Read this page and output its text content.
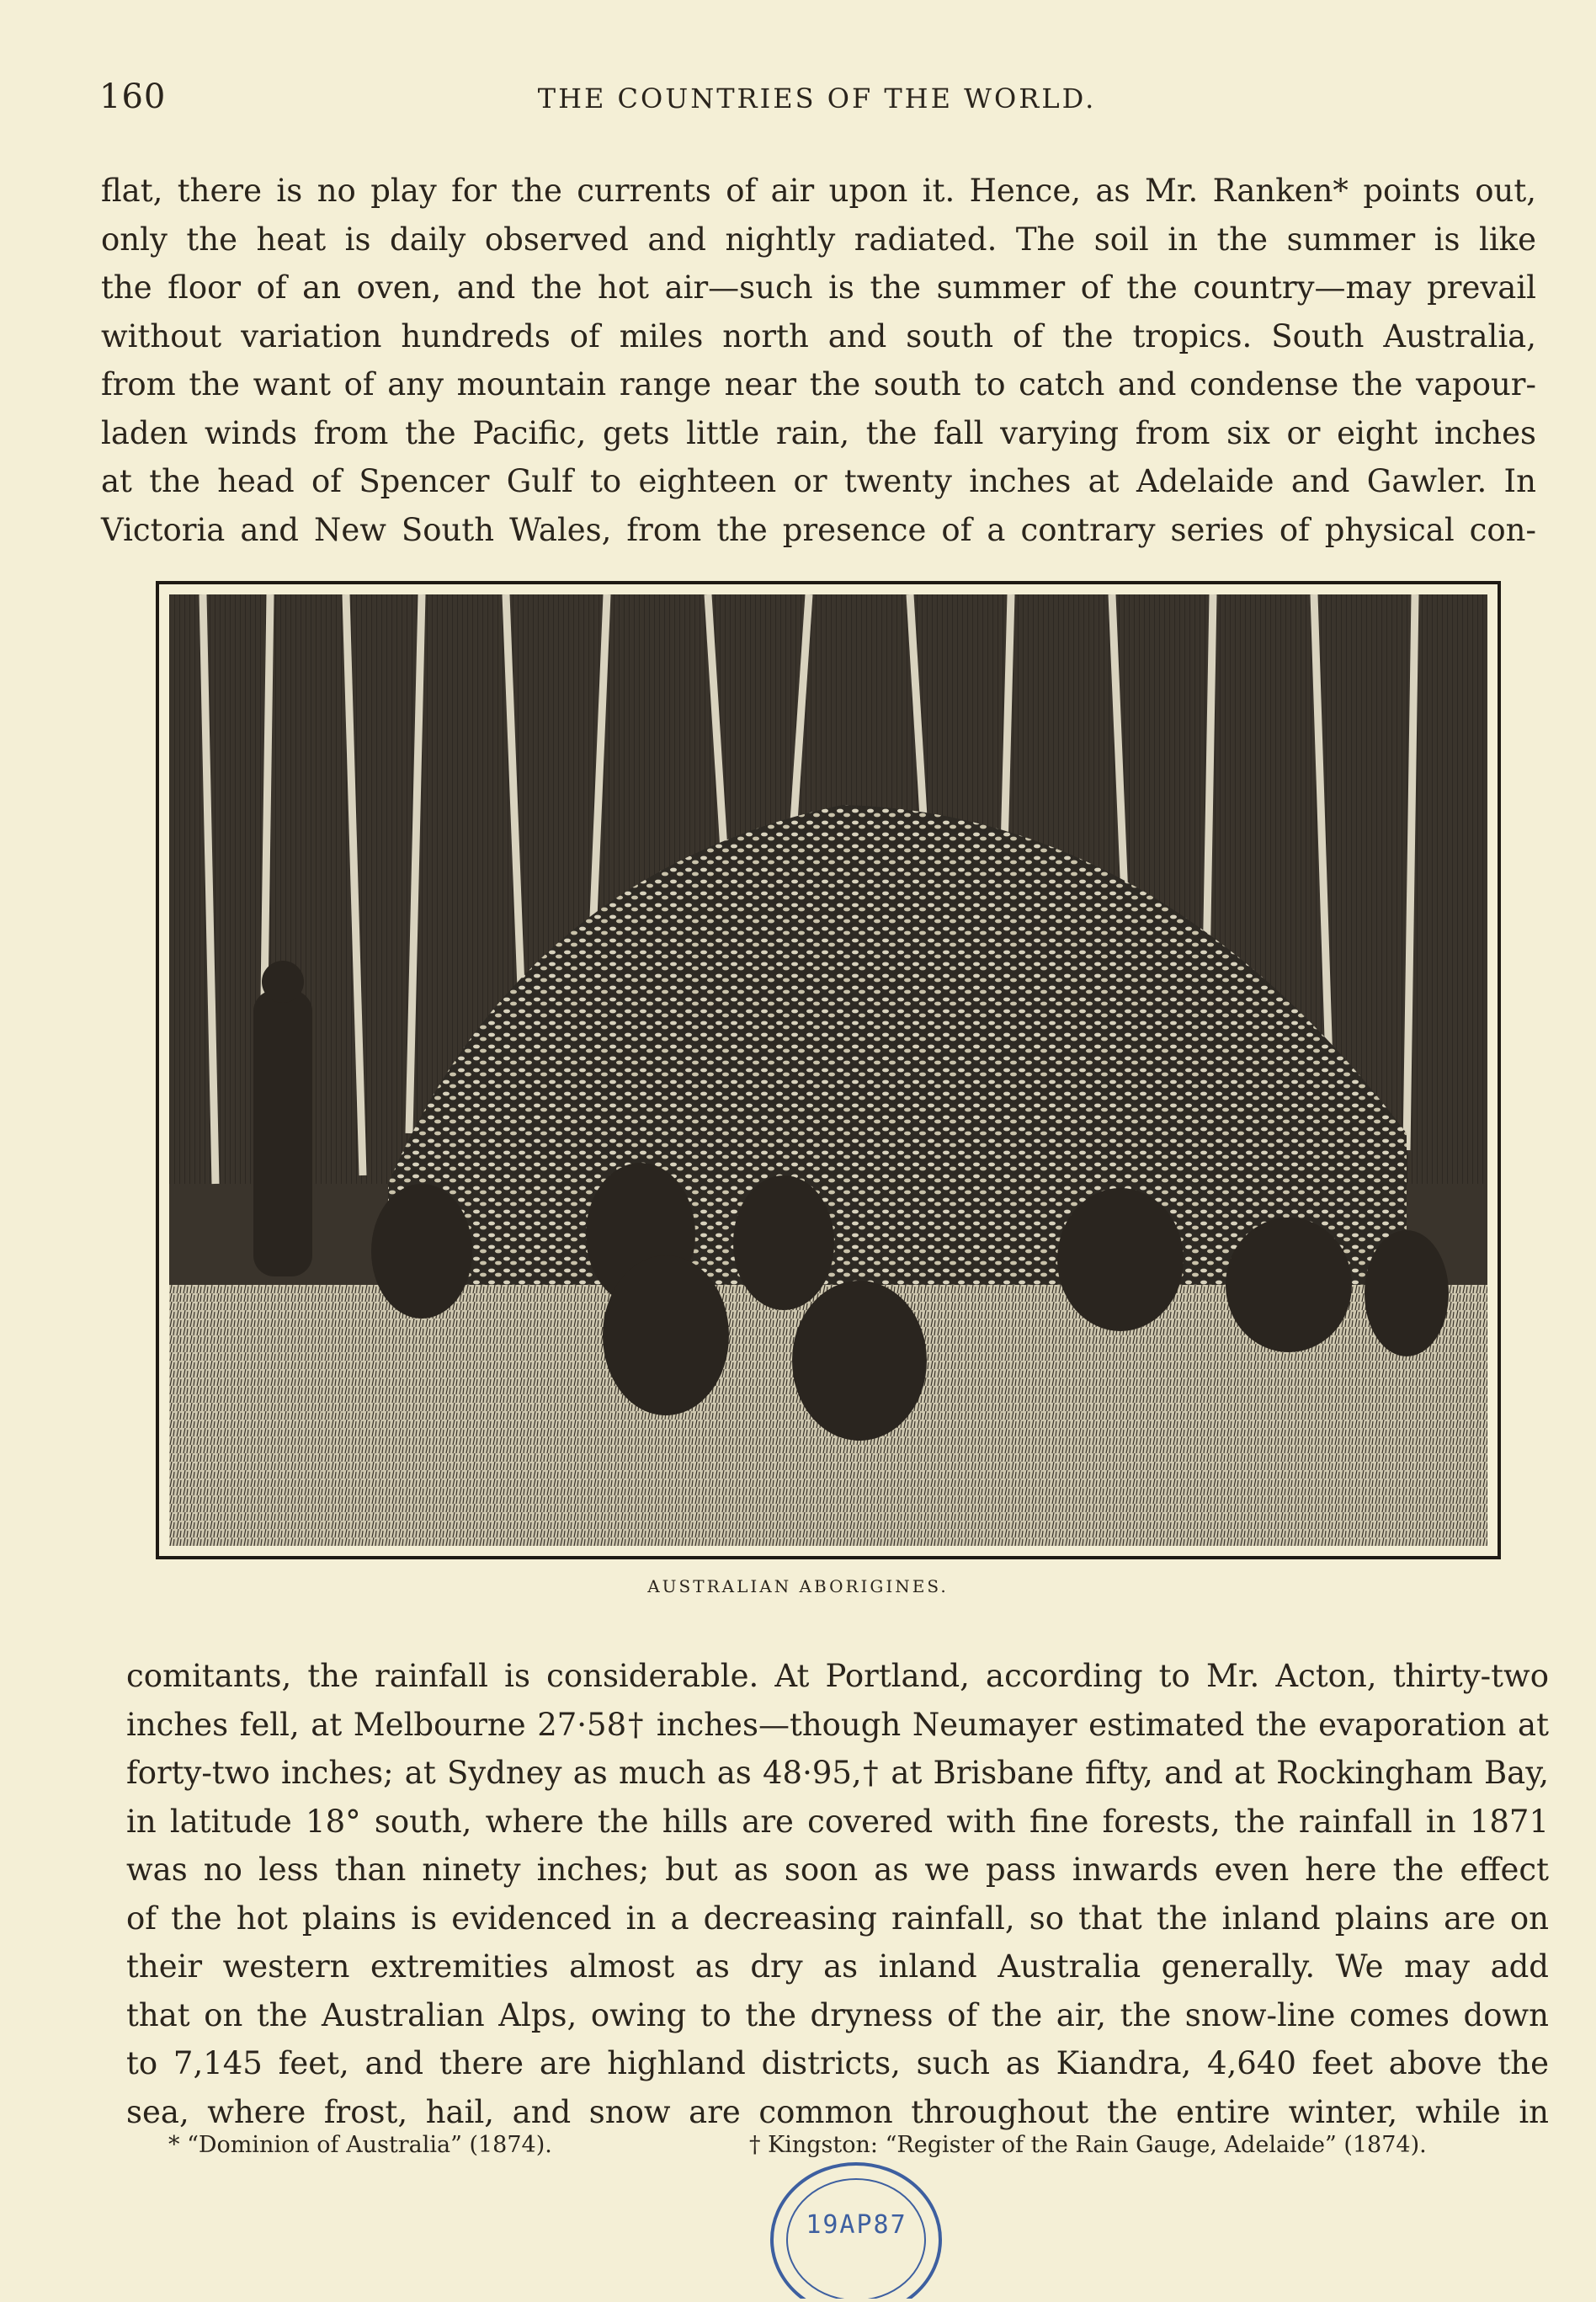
160	THE COUNTRIES OF THE WORLD.
flat, there is no play for the currents of air upon it. Hence, as Mr. Ranken* points out,
only the heat is daily observed and nightly radiated. The soil in the summer is like
the floor of an oven, and the hot air—such is the summer of the country—may prevail
without variation hundreds of miles north and south of the tropics. South Australia,
from the want of any mountain range near the south to catch and condense the vapour-
laden winds from the Pacific, gets little rain, the fall varying from six or eight inches
at the head of Spencer Gulf to eighteen or twenty inches at Adelaide and Gawler. In
Victoria and New South Wales, from the presence of a contrary series of physical con-
AUSTRALIAN ABORIGINES.
comitants, the rainfall is considerable. At Portland, according to Mr. Acton, thirty-two
inches fell, at Melbourne 27·58† inches—though Neumayer estimated the evaporation at
forty-two inches; at Sydney as much as 48·95,† at Brisbane fifty, and at Rockingham Bay,
in latitude 18° south, where the hills are covered with fine forests, the rainfall in 1871
was no less than ninety inches; but as soon as we pass inwards even here the effect
of the hot plains is evidenced in a decreasing rainfall, so that the inland plains are on
their western extremities almost as dry as inland Australia generally. We may add
that on the Australian Alps, owing to the dryness of the air, the snow-line comes down
to 7,145 feet, and there are highland districts, such as Kiandra, 4,640 feet above the
sea, where frost, hail, and snow are common throughout the entire winter, while in
* “Dominion of Australia” (1874).	† Kingston: “Register of the Rain Gauge, Adelaide” (1874).
19AP87
